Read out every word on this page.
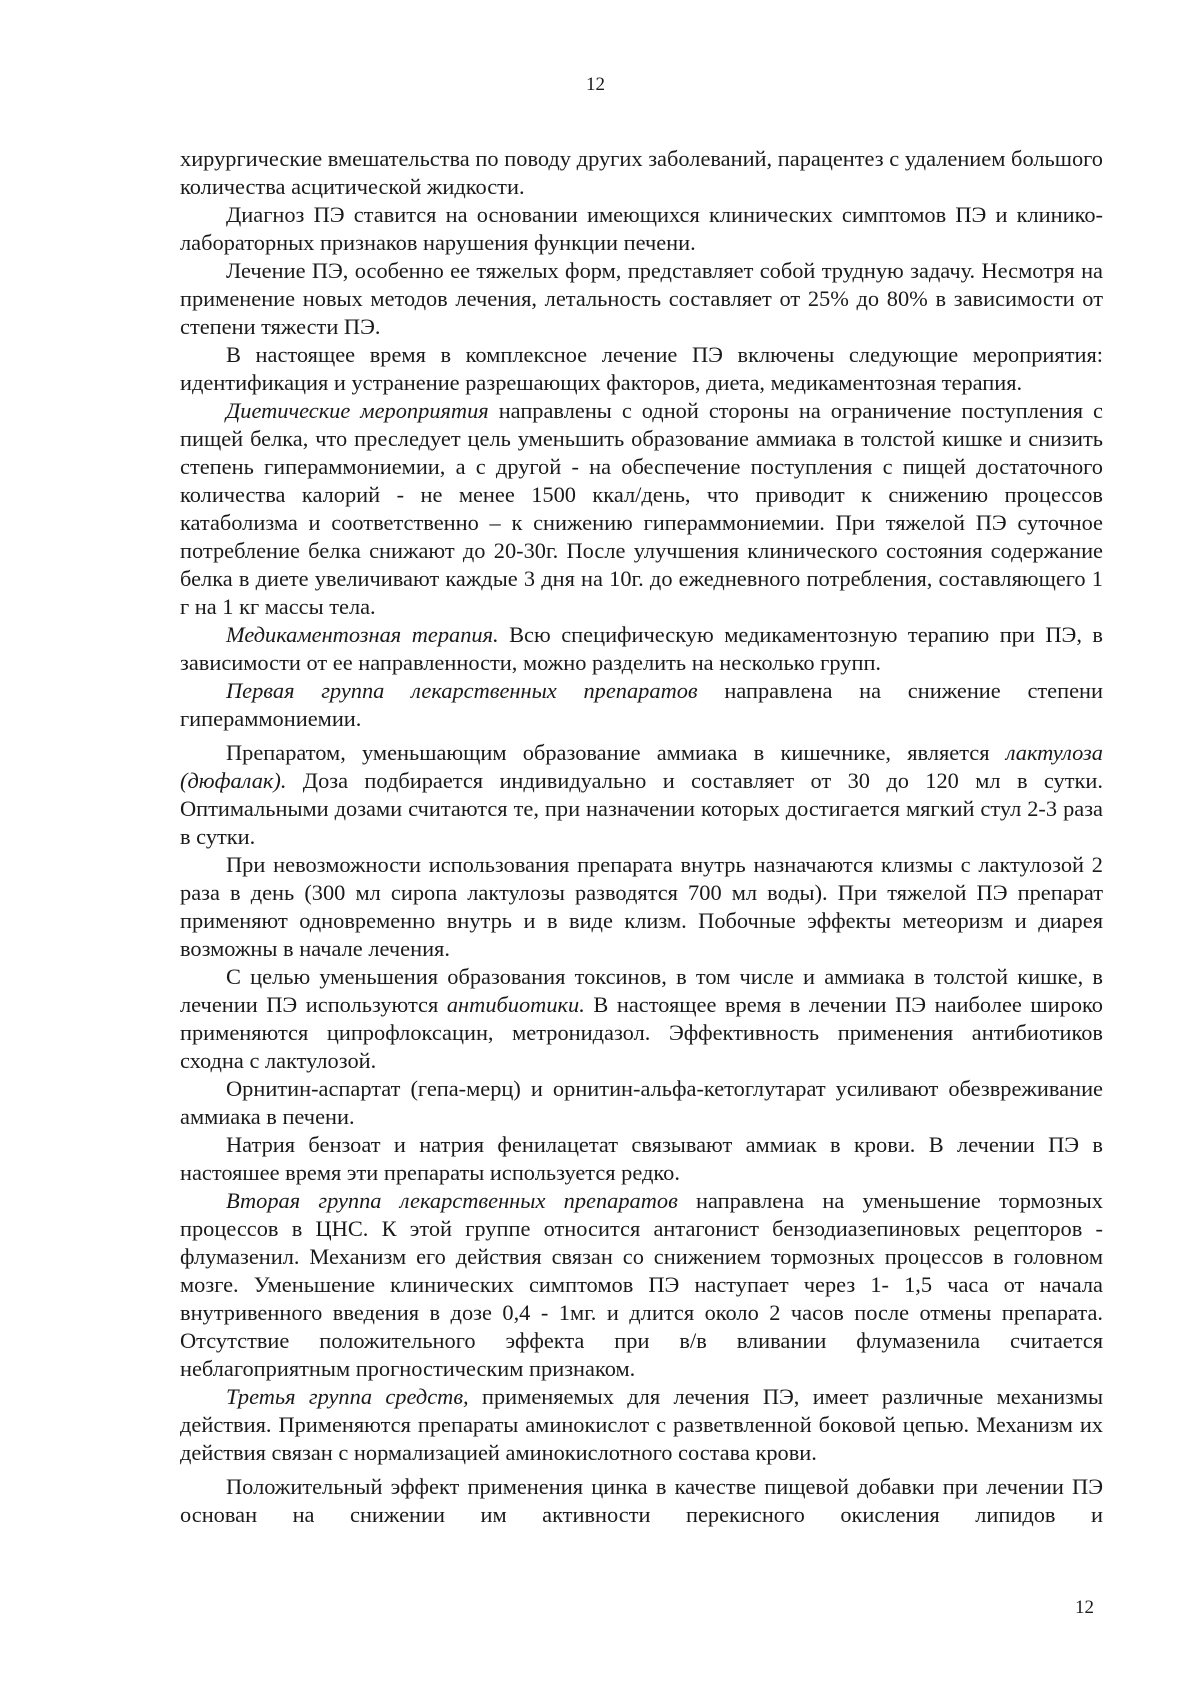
12

хирургические вмешательства по поводу других заболеваний, парацентез с удалением большого количества асцитической жидкости.

Диагноз ПЭ ставится на основании имеющихся клинических симптомов ПЭ и клинико-лабораторных признаков нарушения функции печени.

Лечение ПЭ, особенно ее тяжелых форм, представляет собой трудную задачу. Несмотря на применение новых методов лечения, летальность составляет от 25% до 80% в зависимости от степени тяжести ПЭ.

В настоящее время в комплексное лечение ПЭ включены следующие мероприятия: идентификация и устранение разрешающих факторов, диета, медикаментозная терапия.

Диетические мероприятия направлены с одной стороны на ограничение поступления с пищей белка, что преследует цель уменьшить образование аммиака в толстой кишке и снизить степень гипераммониемии, а с другой - на обеспечение поступления с пищей достаточного количества калорий - не менее 1500 ккал/день, что приводит к снижению процессов катаболизма и соответственно – к снижению гипераммониемии. При тяжелой ПЭ суточное потребление белка снижают до 20-30г. После улучшения клинического состояния содержание белка в диете увеличивают каждые 3 дня на 10г. до ежедневного потребления, составляющего 1 г на 1 кг массы тела.

Медикаментозная терапия. Всю специфическую медикаментозную терапию при ПЭ, в зависимости от ее направленности, можно разделить на несколько групп.

Первая группа лекарственных препаратов направлена на снижение степени гипераммониемии.

Препаратом, уменьшающим образование аммиака в кишечнике, является лактулоза (дюфалак). Доза подбирается индивидуально и составляет от 30 до 120 мл в сутки. Оптимальными дозами считаются те, при назначении которых достигается мягкий стул 2-3 раза в сутки.

При невозможности использования препарата внутрь назначаются клизмы с лактулозой 2 раза в день (300 мл сиропа лактулозы разводятся 700 мл воды). При тяжелой ПЭ препарат применяют одновременно внутрь и в виде клизм. Побочные эффекты метеоризм и диарея возможны в начале лечения.

С целью уменьшения образования токсинов, в том числе и аммиака в толстой кишке, в лечении ПЭ используются антибиотики. В настоящее время в лечении ПЭ наиболее широко применяются ципрофлоксацин, метронидазол. Эффективность применения антибиотиков сходна с лактулозой.

Орнитин-аспартат (гепа-мерц) и орнитин-альфа-кетоглутарат усиливают обезвреживание аммиака в печени.

Натрия бензоат и натрия фенилацетат связывают аммиак в крови. В лечении ПЭ в настояшее время эти препараты используется редко.

Вторая группа лекарственных препаратов направлена на уменьшение тормозных процессов в ЦНС. К этой группе относится антагонист бензодиазепиновых рецепторов - флумазенил. Механизм его действия связан со снижением тормозных процессов в головном мозге. Уменьшение клинических симптомов ПЭ наступает через 1- 1,5 часа от начала внутривенного введения в дозе 0,4 - 1мг. и длится около 2 часов после отмены препарата. Отсутствие положительного эффекта при в/в вливании флумазенила считается неблагоприятным прогностическим признаком.

Третья группа средств, применяемых для лечения ПЭ, имеет различные механизмы действия. Применяются препараты аминокислот с разветвленной боковой цепью. Механизм их действия связан с нормализацией аминокислотного состава крови.

Положительный эффект применения цинка в качестве пищевой добавки при лечении ПЭ основан на снижении им активности перекисного окисления липидов и

12
